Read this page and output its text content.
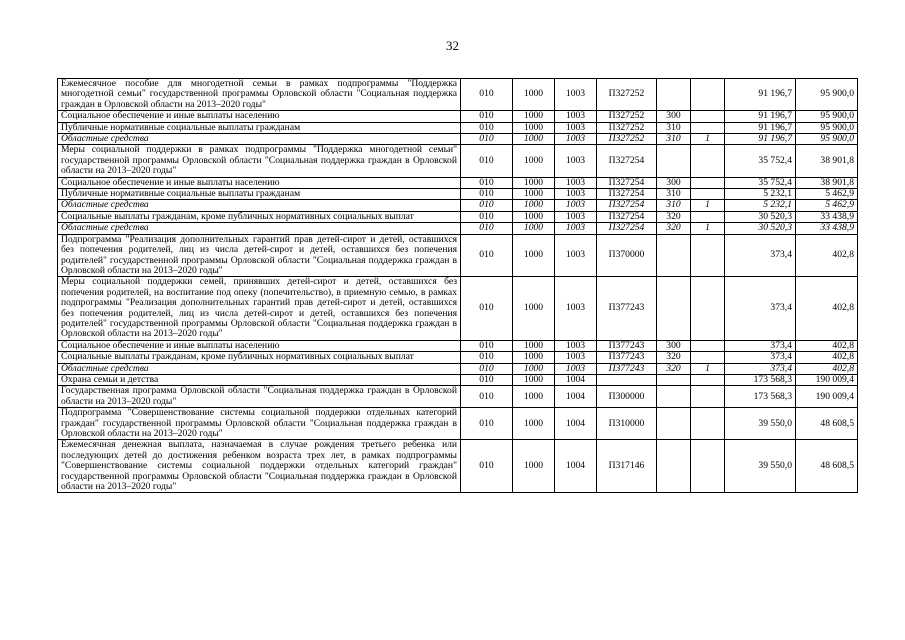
32
Ежемесячное пособие для многодетной семьи в рамках подпрограммы "Поддержка многодетной семьи" государственной программы Орловской области "Социальная поддержка граждан в Орловской области на 2013–2020 годы"	010	1000	1003	П327252			91 196,7	95 900,0
Социальное обеспечение и иные выплаты населению	010	1000	1003	П327252	300		91 196,7	95 900,0
Публичные нормативные социальные выплаты гражданам	010	1000	1003	П327252	310		91 196,7	95 900,0
Областные средства	010	1000	1003	П327252	310	1	91 196,7	95 900,0
Меры социальной поддержки в рамках подпрограммы "Поддержка многодетной семьи" государственной программы Орловской области "Социальная поддержка граждан в Орловской области на 2013–2020 годы"	010	1000	1003	П327254			35 752,4	38 901,8
Социальное обеспечение и иные выплаты населению	010	1000	1003	П327254	300		35 752,4	38 901,8
Публичные нормативные социальные выплаты гражданам	010	1000	1003	П327254	310		5 232,1	5 462,9
Областные средства	010	1000	1003	П327254	310	1	5 232,1	5 462,9
Социальные выплаты гражданам, кроме публичных нормативных социальных выплат	010	1000	1003	П327254	320		30 520,3	33 438,9
Областные средства	010	1000	1003	П327254	320	1	30 520,3	33 438,9
Подпрограмма "Реализация дополнительных гарантий прав детей-сирот и детей, оставшихся без попечения родителей, лиц из числа детей-сирот и детей, оставшихся без попечения родителей" государственной программы Орловской области "Социальная поддержка граждан в Орловской области на 2013–2020 годы"	010	1000	1003	П370000			373,4	402,8
Меры социальной поддержки семей, принявших детей-сирот и детей, оставшихся без попечения родителей, на воспитание под опеку (попечительство), в приемную семью, в рамках подпрограммы "Реализация дополнительных гарантий прав детей-сирот и детей, оставшихся без попечения родителей, лиц из числа детей-сирот и детей, оставшихся без попечения родителей" государственной программы Орловской области "Социальная поддержка граждан в Орловской области на 2013–2020 годы"	010	1000	1003	П377243			373,4	402,8
Социальное обеспечение и иные выплаты населению	010	1000	1003	П377243	300		373,4	402,8
Социальные выплаты гражданам, кроме публичных нормативных социальных выплат	010	1000	1003	П377243	320		373,4	402,8
Областные средства	010	1000	1003	П377243	320	1	373,4	402,8
Охрана семьи и детства	010	1000	1004				173 568,3	190 009,4
Государственная программа Орловской области "Социальная поддержка граждан в Орловской области на 2013–2020 годы"	010	1000	1004	П300000			173 568,3	190 009,4
Подпрограмма "Совершенствование системы социальной поддержки отдельных категорий граждан" государственной программы Орловской области "Социальная поддержка граждан в Орловской области на 2013–2020 годы"	010	1000	1004	П310000			39 550,0	48 608,5
Ежемесячная денежная выплата, назначаемая в случае рождения третьего ребенка или последующих детей до достижения ребенком возраста трех лет, в рамках подпрограммы "Совершенствование системы социальной поддержки отдельных категорий граждан" государственной программы Орловской области "Социальная поддержка граждан в Орловской области на 2013–2020 годы"	010	1000	1004	П317146			39 550,0	48 608,5
